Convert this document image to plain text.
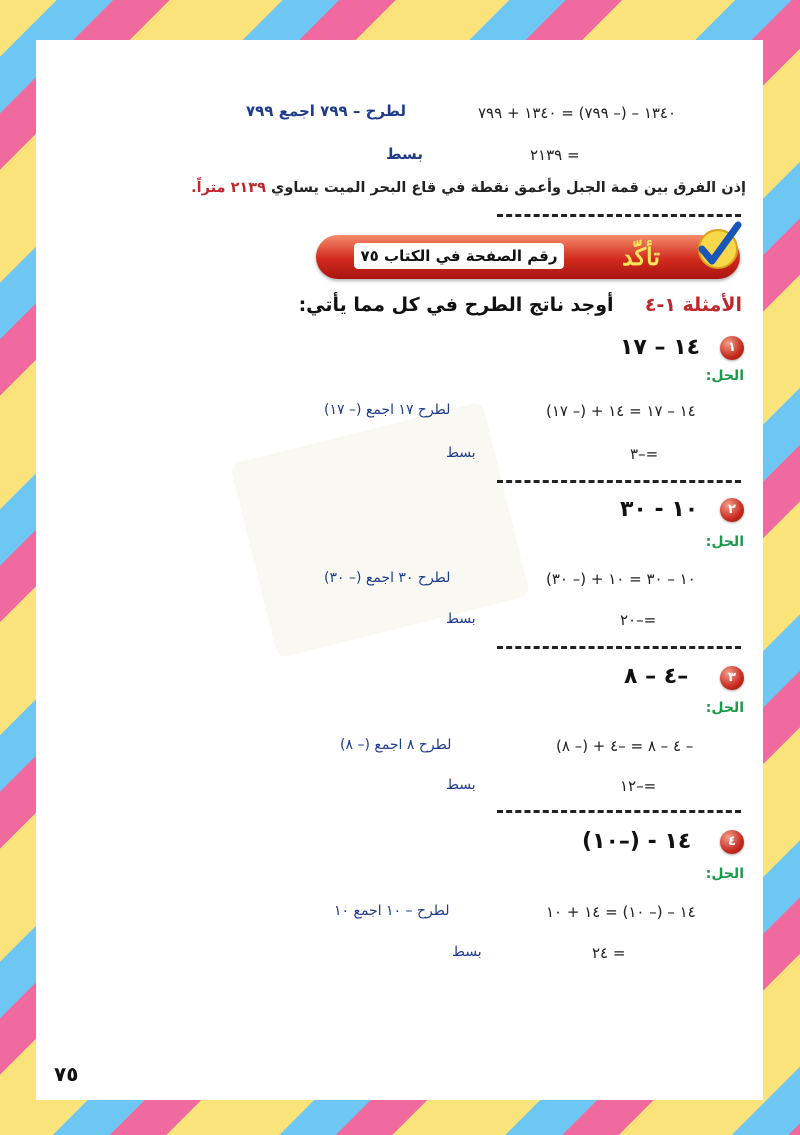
١٣٤٠ – (– ٧٩٩) = ١٣٤٠ + ٧٩٩
لطرح – ٧٩٩ اجمع ٧٩٩
= ٢١٣٩
بسط
إذن الفرق بين قمة الجبل وأعمق نقطة في قاع البحر الميت يساوي ٢١٣٩ متراً.
رقم الصفحة في الكتاب ٧٥	تأكّد
الأمثلة ١-٤  أوجد ناتج الطرح في كل مما يأتي:
١
١٤ – ١٧
الحل:
١٤ – ١٧ = ١٤ + (– ١٧)
لطرح ١٧ اجمع (– ١٧)
=–٣
بسط
٢
١٠ - ٣٠
الحل:
١٠ – ٣٠ = ١٠ + (– ٣٠)
لطرح ٣٠ اجمع (– ٣٠)
=–٢٠
بسط
٣
–٤ – ٨
الحل:
– ٤ – ٨ = –٤ + (– ٨)
لطرح ٨ اجمع (– ٨)
=–١٢
بسط
٤
١٤ - (–١٠)
الحل:
١٤ – (– ١٠) = ١٤ + ١٠
لطرح – ١٠ اجمع ١٠
= ٢٤
بسط
٧٥
